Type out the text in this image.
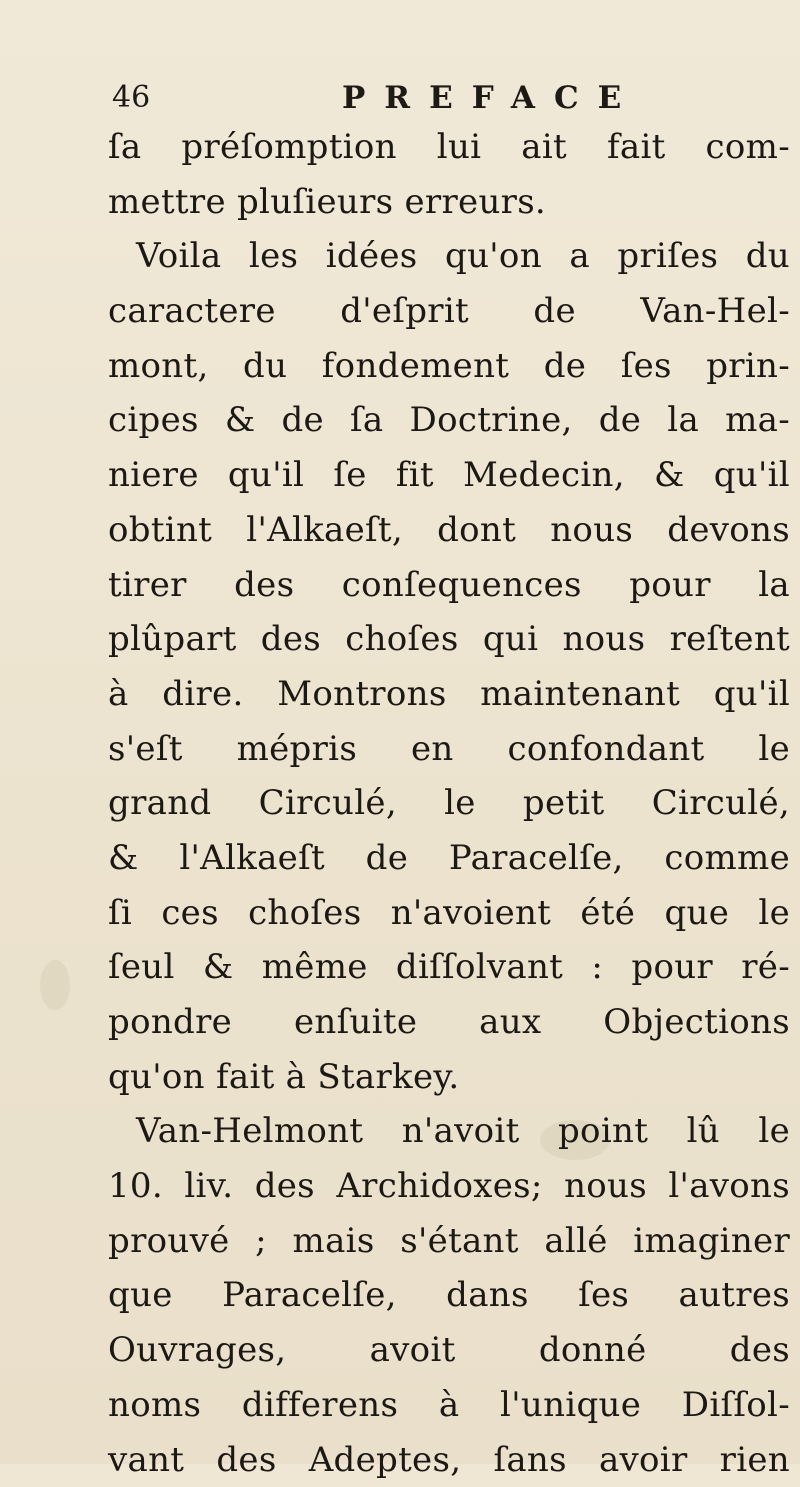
46	PREFACE
ſa préſomption lui ait fait com-
mettre pluſieurs erreurs.
Voila les idées qu'on a priſes du
caractere d'eſprit de Van-Hel-
mont, du fondement de ſes prin-
cipes & de ſa Doctrine, de la ma-
niere qu'il ſe fit Medecin, & qu'il
obtint l'Alkaeſt, dont nous devons
tirer des conſequences pour la
plûpart des choſes qui nous reſtent
à dire. Montrons maintenant qu'il
s'eſt mépris en confondant le
grand Circulé, le petit Circulé,
& l'Alkaeſt de Paracelſe, comme
ſi ces choſes n'avoient été que le
ſeul & même diſſolvant : pour ré-
pondre enſuite aux Objections
qu'on fait à Starkey.
Van-Helmont n'avoit point lû le
10. liv. des Archidoxes; nous l'avons
prouvé ; mais s'étant allé imaginer
que Paracelſe, dans ſes autres
Ouvrages, avoit donné des
noms differens à l'unique Diſſol-
vant des Adeptes, ſans avoir rien
